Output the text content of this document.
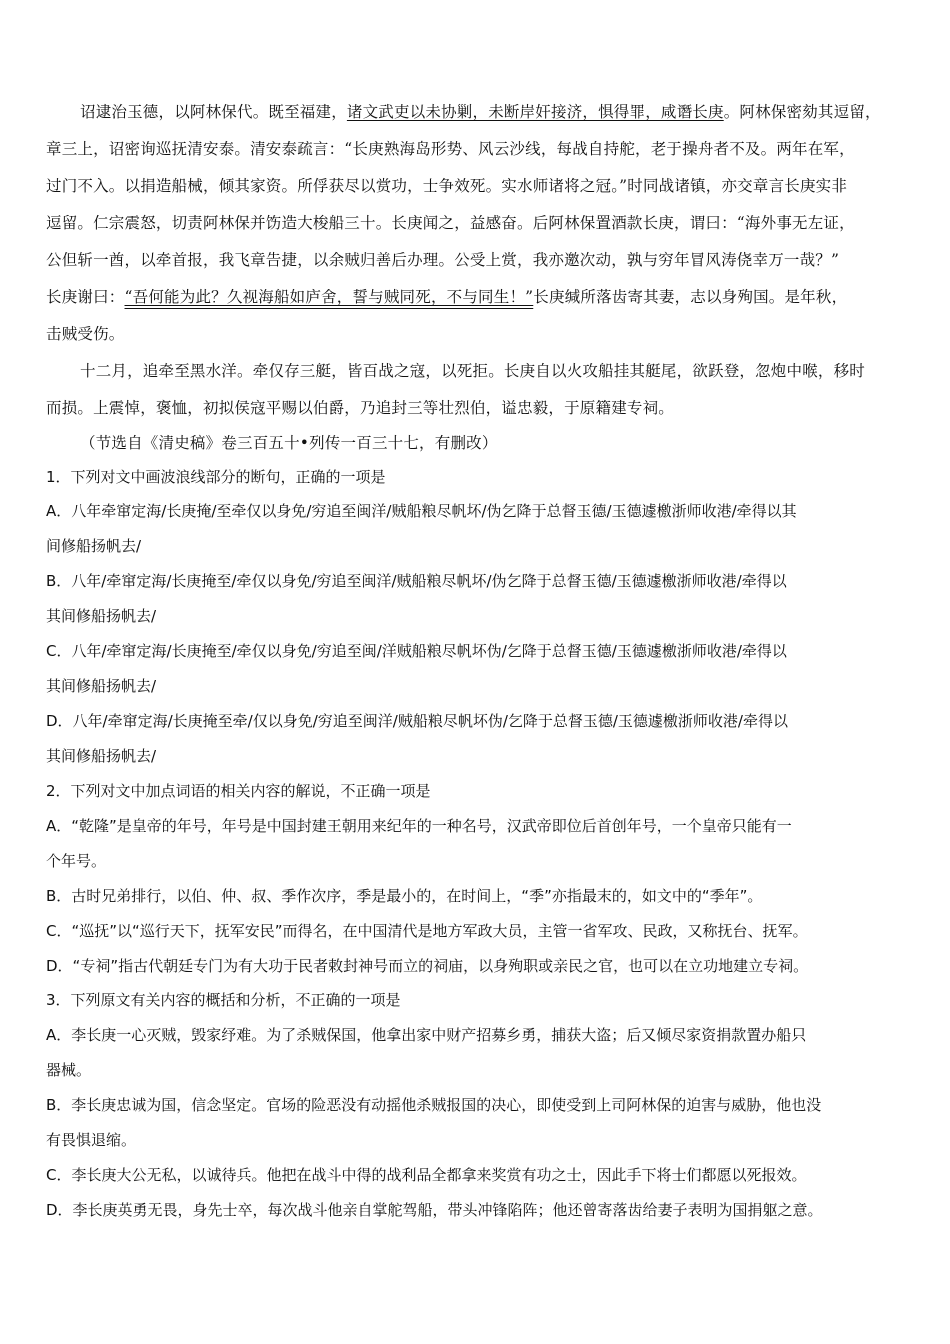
诏逮治玉德，以阿林保代。既至福建，诸文武吏以未协剿，未断岸奸接济，惧得罪，咸谮长庚。阿林保密劾其逗留，
章三上，诏密询巡抚清安泰。清安泰疏言：“长庚熟海岛形势、风云沙线，每战自持舵，老于操舟者不及。两年在军，
过门不入。以捐造船械，倾其家资。所俘获尽以赏功，士争效死。实水师诸将之冠。”时同战诸镇，亦交章言长庚实非
逗留。仁宗震怒，切责阿林保并饬造大梭船三十。长庚闻之，益感奋。后阿林保置酒款长庚，谓曰：“海外事无左证，
公但斩一酋，以牵首报，我飞章告捷，以余贼归善后办理。公受上赏，我亦邀次动，孰与穷年冒风涛侥幸万一哉？”
长庚谢曰：“吾何能为此？久视海船如庐舍，誓与贼同死，不与同生！”长庚缄所落齿寄其妻，志以身殉国。是年秋，
击贼受伤。
十二月，追牵至黑水洋。牵仅存三艇，皆百战之寇，以死拒。长庚自以火攻船挂其艇尾，欲跃登，忽炮中喉，移时
而损。上震悼，褒恤，初拟侯寇平赐以伯爵，乃追封三等壮烈伯，谥忠毅，于原籍建专祠。
（节选自《清史稿》卷三百五十•列传一百三十七，有删改）
1．下列对文中画波浪线部分的断句，正确的一项是
A．八年牵窜定海/长庚掩/至牵仅以身免/穷追至闽洋/贼船粮尽帆坏/伪乞降于总督玉德/玉德遽檄浙师收港/牵得以其
间修船扬帆去/
B．八年/牵窜定海/长庚掩至/牵仅以身免/穷追至闽洋/贼船粮尽帆坏/伪乞降于总督玉德/玉德遽檄浙师收港/牵得以
其间修船扬帆去/
C．八年/牵窜定海/长庚掩至/牵仅以身免/穷追至闽/洋贼船粮尽帆坏伪/乞降于总督玉德/玉德遽檄浙师收港/牵得以
其间修船扬帆去/
D．八年/牵窜定海/长庚掩至牵/仅以身免/穷追至闽洋/贼船粮尽帆坏伪/乞降于总督玉德/玉德遽檄浙师收港/牵得以
其间修船扬帆去/
2．下列对文中加点词语的相关内容的解说，不正确一项是
A．“乾隆”是皇帝的年号，年号是中国封建王朝用来纪年的一种名号，汉武帝即位后首创年号，一个皇帝只能有一
个年号。
B．古时兄弟排行，以伯、仲、叔、季作次序，季是最小的，在时间上，“季”亦指最末的，如文中的“季年”。
C．“巡抚”以“巡行天下，抚军安民”而得名，在中国清代是地方军政大员，主管一省军攻、民政，又称抚台、抚军。
D．“专祠”指古代朝廷专门为有大功于民者敕封神号而立的祠庙，以身殉职或亲民之官，也可以在立功地建立专祠。
3．下列原文有关内容的概括和分析，不正确的一项是
A．李长庚一心灭贼，毁家纾难。为了杀贼保国，他拿出家中财产招募乡勇，捕获大盗；后又倾尽家资捐款置办船只
器械。
B．李长庚忠诚为国，信念坚定。官场的险恶没有动摇他杀贼报国的决心，即使受到上司阿林保的迫害与威胁，他也没
有畏惧退缩。
C．李长庚大公无私，以诚待兵。他把在战斗中得的战利品全都拿来奖赏有功之士，因此手下将士们都愿以死报效。
D．李长庚英勇无畏，身先士卒，每次战斗他亲自掌舵驾船，带头冲锋陷阵；他还曾寄落齿给妻子表明为国捐躯之意。
